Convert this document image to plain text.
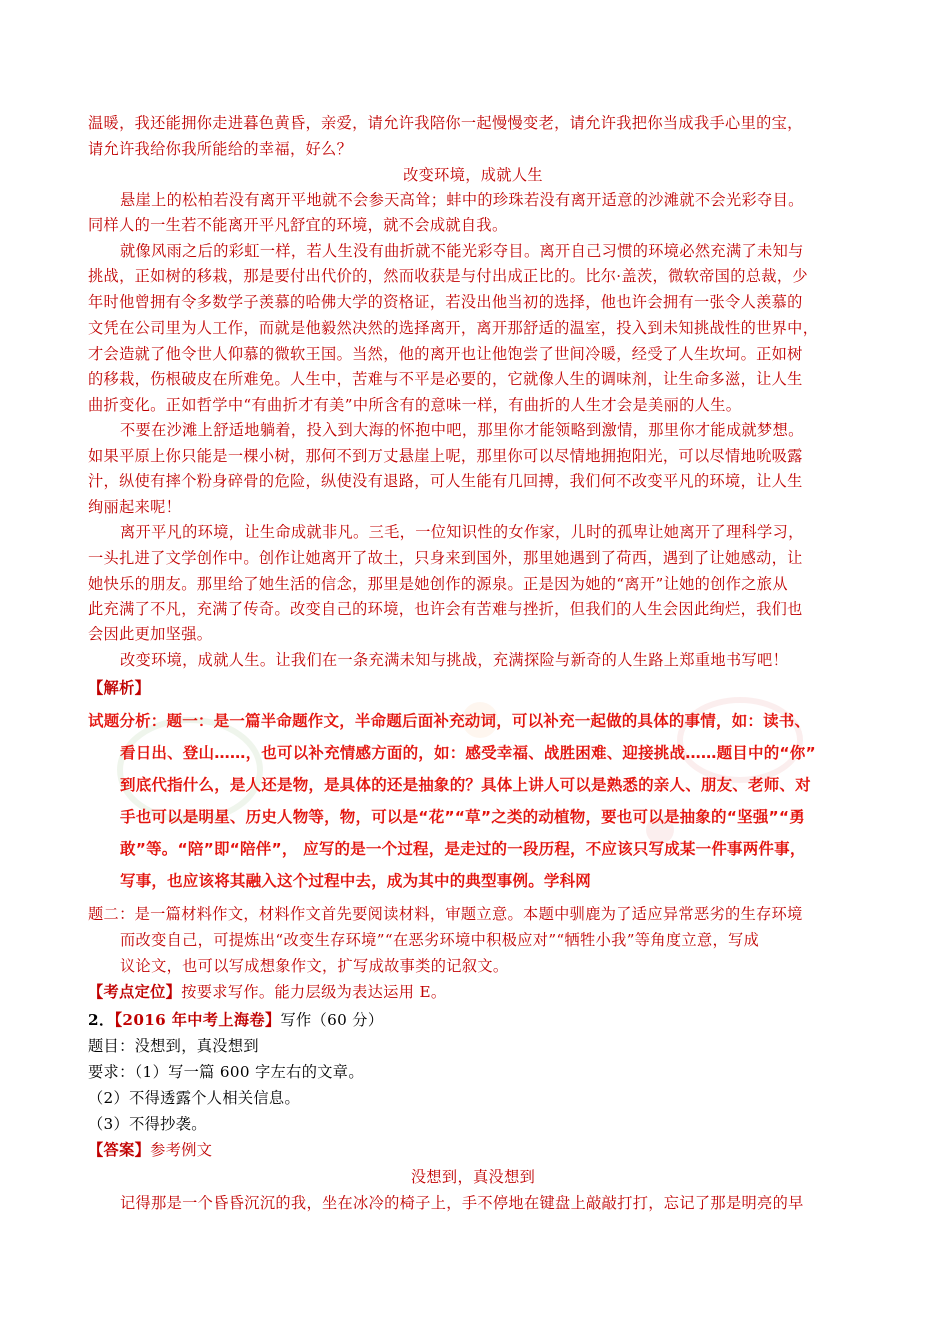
温暖，我还能拥你走进暮色黄昏，亲爱，请允许我陪你一起慢慢变老，请允许我把你当成我手心里的宝，
请允许我给你我所能给的幸福，好么？
改变环境，成就人生
悬崖上的松柏若没有离开平地就不会参天高耸；蚌中的珍珠若没有离开适意的沙滩就不会光彩夺目。
同样人的一生若不能离开平凡舒宜的环境，就不会成就自我。
就像风雨之后的彩虹一样，若人生没有曲折就不能光彩夺目。离开自己习惯的环境必然充满了未知与
挑战，正如树的移栽，那是要付出代价的，然而收获是与付出成正比的。比尔·盖茨，微软帝国的总裁，少
年时他曾拥有令多数学子羡慕的哈佛大学的资格证，若没出他当初的选择，他也许会拥有一张令人羡慕的
文凭在公司里为人工作，而就是他毅然决然的选择离开，离开那舒适的温室，投入到未知挑战性的世界中，
才会造就了他令世人仰慕的微软王国。当然，他的离开也让他饱尝了世间冷暖，经受了人生坎坷。正如树
的移栽，伤根破皮在所难免。人生中，苦难与不平是必要的，它就像人生的调味剂，让生命多滋，让人生
曲折变化。正如哲学中“有曲折才有美”中所含有的意味一样，有曲折的人生才会是美丽的人生。
不要在沙滩上舒适地躺着，投入到大海的怀抱中吧，那里你才能领略到激情，那里你才能成就梦想。
如果平原上你只能是一棵小树，那何不到万丈悬崖上呢，那里你可以尽情地拥抱阳光，可以尽情地吮吸露
汁，纵使有摔个粉身碎骨的危险，纵使没有退路，可人生能有几回搏，我们何不改变平凡的环境，让人生
绚丽起来呢！
离开平凡的环境，让生命成就非凡。三毛，一位知识性的女作家，儿时的孤卑让她离开了理科学习，
一头扎进了文学创作中。创作让她离开了故土，只身来到国外，那里她遇到了荷西，遇到了让她感动，让
她快乐的朋友。那里给了她生活的信念，那里是她创作的源泉。正是因为她的“离开”让她的创作之旅从
此充满了不凡，充满了传奇。改变自己的环境，也许会有苦难与挫折，但我们的人生会因此绚烂，我们也
会因此更加坚强。
改变环境，成就人生。让我们在一条充满未知与挑战，充满探险与新奇的人生路上郑重地书写吧！
【解析】
试题分析：题一：是一篇半命题作文，半命题后面补充动词，可以补充一起做的具体的事情，如：读书、
看日出、登山……，也可以补充情感方面的，如：感受幸福、战胜困难、迎接挑战……题目中的“你”
到底代指什么，是人还是物，是具体的还是抽象的？具体上讲人可以是熟悉的亲人、朋友、老师、对
手也可以是明星、历史人物等，物，可以是“花”“草”之类的动植物，要也可以是抽象的“坚强”“勇
敢”等。“陪”即“陪伴”， 应写的是一个过程，是走过的一段历程，不应该只写成某一件事两件事，
写事，也应该将其融入这个过程中去，成为其中的典型事例。学科网
题二：是一篇材料作文，材料作文首先要阅读材料，审题立意。本题中驯鹿为了适应异常恶劣的生存环境
而改变自己，可提炼出“改变生存环境”“在恶劣环境中积极应对”“牺牲小我”等角度立意，写成
议论文，也可以写成想象作文，扩写成故事类的记叙文。
【考点定位】按要求写作。能力层级为表达运用 E。
2．【2016 年中考上海卷】写作（60 分）
题目：没想到，真没想到
要求：（1）写一篇 600 字左右的文章。
（2）不得透露个人相关信息。
（3）不得抄袭。
【答案】参考例文
没想到，真没想到
记得那是一个昏昏沉沉的我，坐在冰冷的椅子上，手不停地在键盘上敲敲打打，忘记了那是明亮的早
